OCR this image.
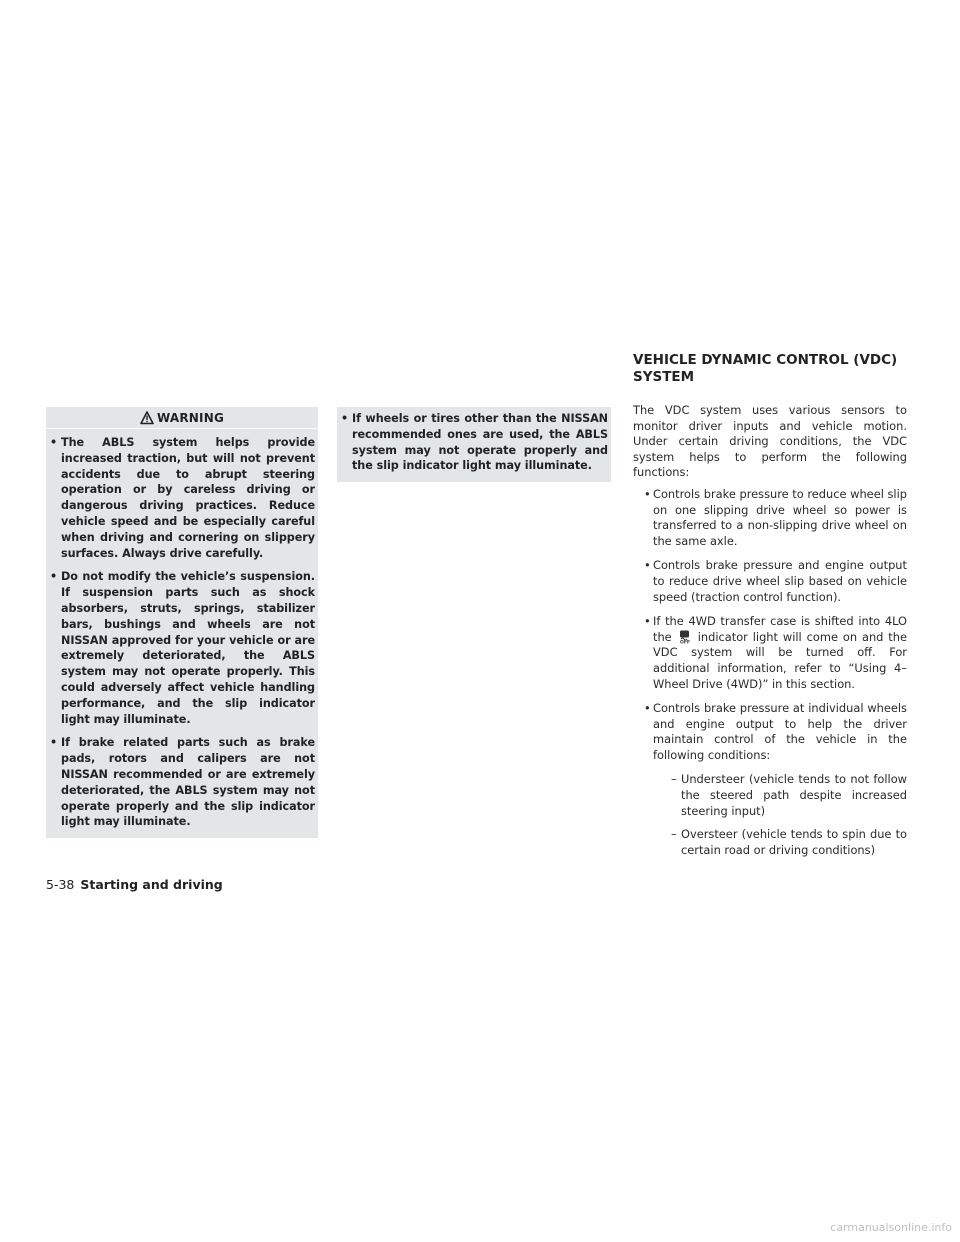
WARNING
• The ABLS system helps provide increased traction, but will not prevent accidents due to abrupt steering operation or by careless driving or dangerous driving practices. Reduce vehicle speed and be especially careful when driving and cornering on slippery surfaces. Always drive carefully.
• Do not modify the vehicle’s suspension. If suspension parts such as shock absorbers, struts, springs, stabilizer bars, bushings and wheels are not NISSAN approved for your vehicle or are extremely deteriorated, the ABLS system may not operate properly. This could adversely affect vehicle handling performance, and the slip indicator light may illuminate.
• If brake related parts such as brake pads, rotors and calipers are not NISSAN recommended or are extremely deteriorated, the ABLS system may not operate properly and the slip indicator light may illuminate.
• If wheels or tires other than the NISSAN recommended ones are used, the ABLS system may not operate properly and the slip indicator light may illuminate.
VEHICLE DYNAMIC CONTROL (VDC)
SYSTEM

The VDC system uses various sensors to monitor driver inputs and vehicle motion. Under certain driving conditions, the VDC system helps to perform the following functions:

• Controls brake pressure to reduce wheel slip on one slipping drive wheel so power is transferred to a non-slipping drive wheel on the same axle.
• Controls brake pressure and engine output to reduce drive wheel slip based on vehicle speed (traction control function).
• If the 4WD transfer case is shifted into 4LO the OFF indicator light will come on and the VDC system will be turned off. For additional information, refer to “Using 4–Wheel Drive (4WD)” in this section.
• Controls brake pressure at individual wheels and engine output to help the driver maintain control of the vehicle in the following conditions:
– Understeer (vehicle tends to not follow the steered path despite increased steering input)
– Oversteer (vehicle tends to spin due to certain road or driving conditions)
5-38 Starting and driving
carmanualsonline.info
